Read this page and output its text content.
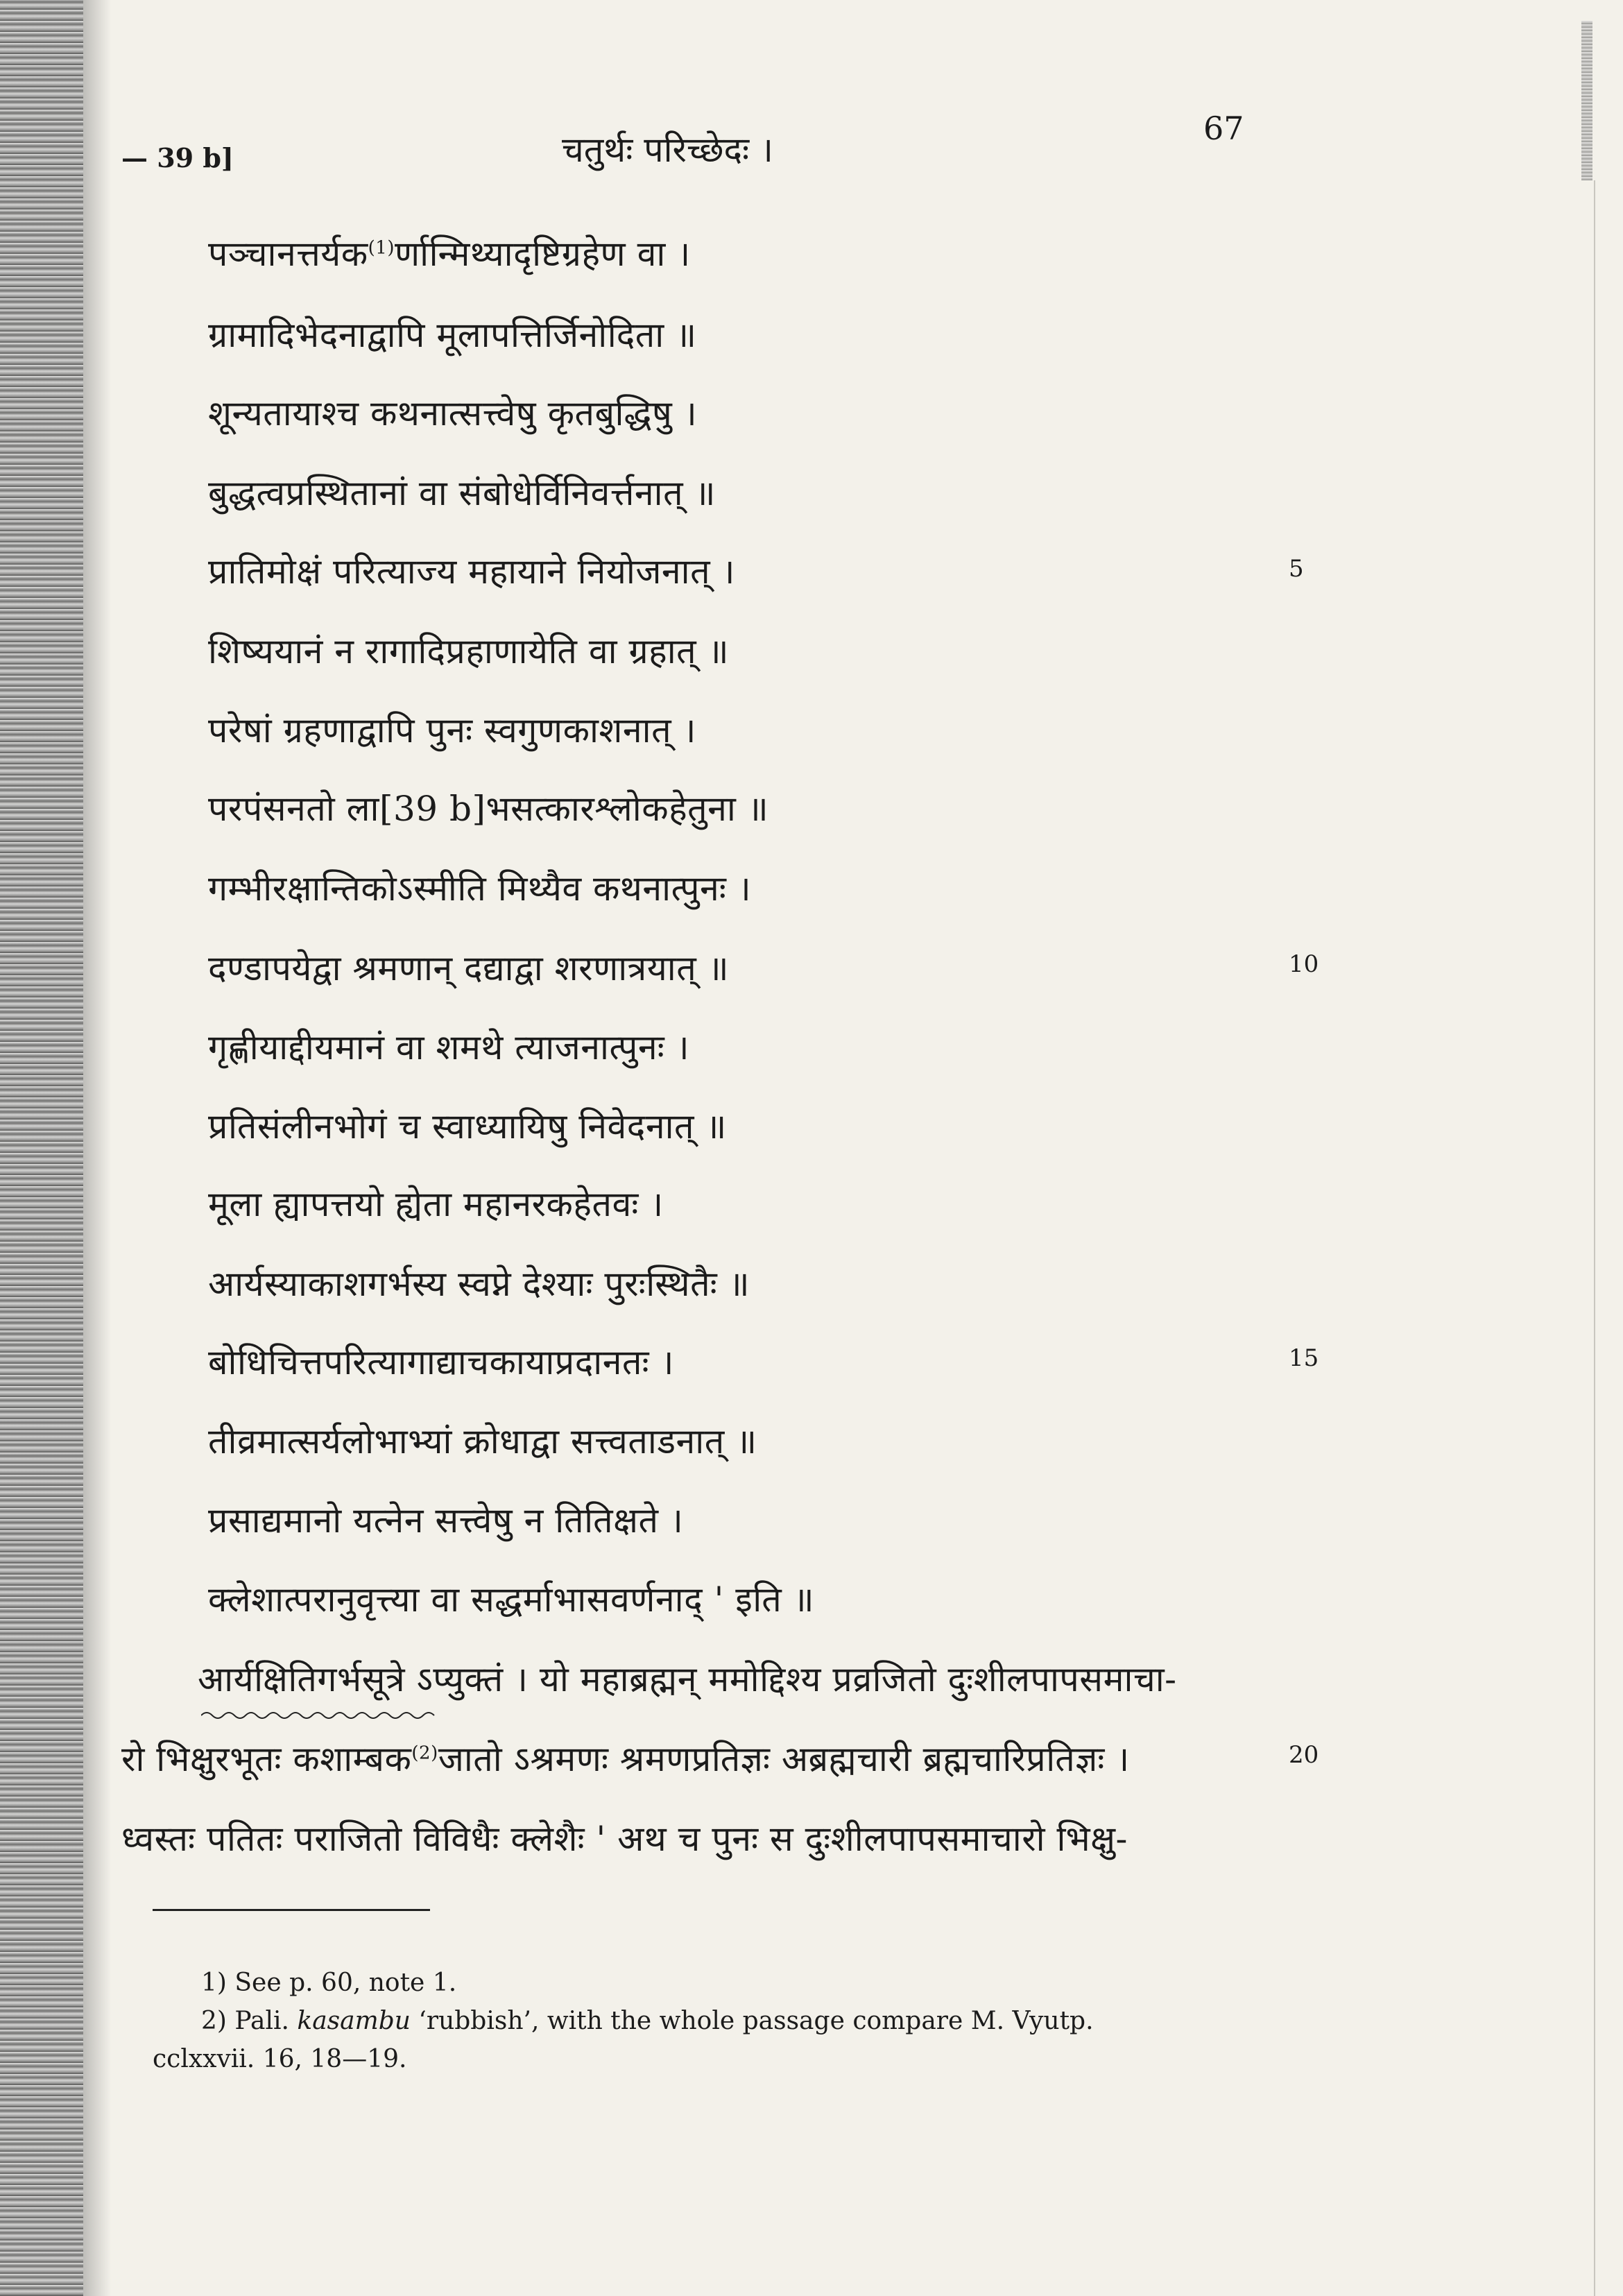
— 39 b]	चतुर्थः परिच्छेदः ।
67
पञ्चानत्तर्यक$^{(1)}$र्णान्मिथ्यादृष्टिग्रहेण वा ।
ग्रामादिभेदनाद्वापि मूलापत्तिर्जिनोदिता ॥
शून्यतायाश्च कथनात्सत्त्वेषु कृतबुद्धिषु ।
बुद्धत्वप्रस्थितानां वा संबोधेर्विनिवर्त्तनात् ॥
प्रातिमोक्षं परित्याज्य महायाने नियोजनात् ।
शिष्ययानं न रागादिप्रहाणायेति वा ग्रहात् ॥
परेषां ग्रहणाद्वापि पुनः स्वगुणकाशनात् ।
परपंसनतो ला[39 b]भसत्कारश्लोकहेतुना ॥
गम्भीरक्षान्तिकोऽस्मीति मिथ्यैव कथनात्पुनः ।
दण्डापयेद्वा श्रमणान् दद्याद्वा शरणात्रयात् ॥
गृह्णीयाद्दीयमानं वा शमथे त्याजनात्पुनः ।
प्रतिसंलीनभोगं च स्वाध्यायिषु निवेदनात् ॥
मूला ह्यापत्तयो ह्येता महानरकहेतवः ।
आर्यस्याकाशगर्भस्य स्वप्ने देश्याः पुरःस्थितैः ॥
बोधिचित्तपरित्यागाद्याचकायाप्रदानतः ।
तीव्रमात्सर्यलोभाभ्यां क्रोधाद्वा सत्त्वताडनात् ॥
प्रसाद्यमानो यत्नेन सत्त्वेषु न तितिक्षते ।
क्लेशात्परानुवृत्त्या वा सद्धर्माभासवर्णनाद् ' इति ॥
5
10
15
20
आर्यक्षितिगर्भसूत्रे ऽप्युक्तं । यो महाब्रह्मन् ममोद्दिश्य प्रव्रजितो दुःशीलपापसमाचा-
रो भिक्षुरभूतः कशाम्बक$^{(2)}$जातो ऽश्रमणः श्रमणप्रतिज्ञः अब्रह्मचारी ब्रह्मचारिप्रतिज्ञः ।
ध्वस्तः पतितः पराजितो विविधैः क्लेशैः ' अथ च पुनः स दुःशीलपापसमाचारो भिक्षु-
1) See p. 60, note 1.
2) Pali. kasambu ‘rubbish’, with the whole passage compare M. Vyutp.
cclxxvii. 16, 18—19.
